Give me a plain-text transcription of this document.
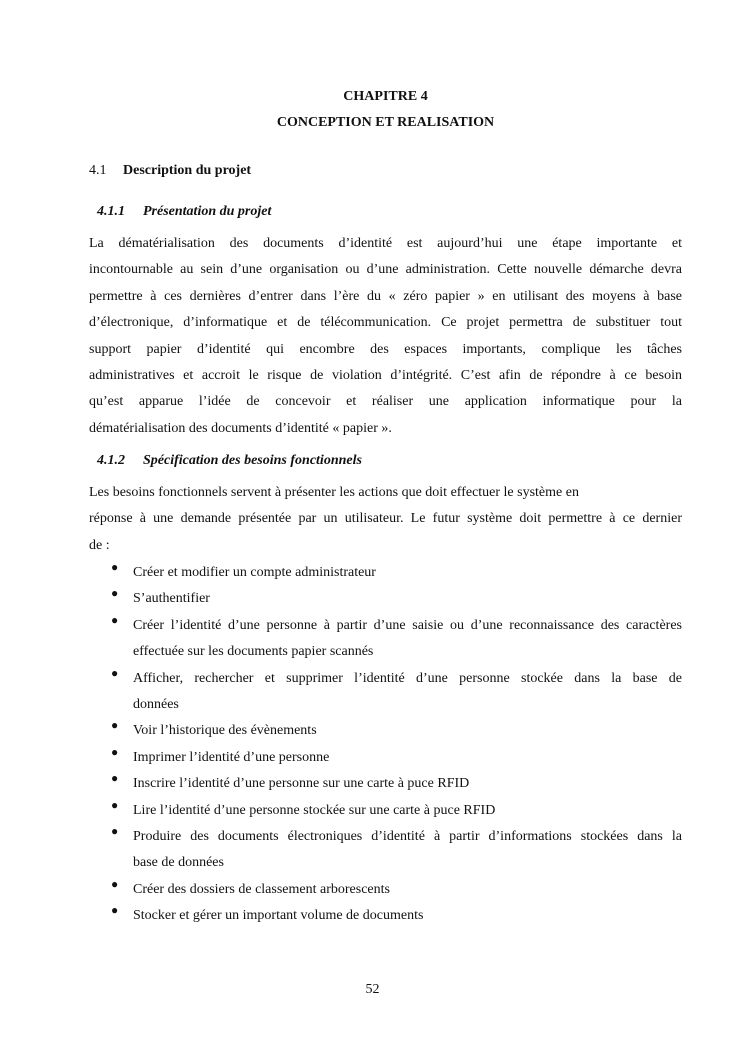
CHAPITRE 4
CONCEPTION ET REALISATION
4.1 Description du projet
4.1.1 Présentation du projet
La dématérialisation des documents d’identité est aujourd’hui une étape importante et
incontournable au sein d’une organisation ou d’une administration. Cette nouvelle démarche devra
permettre à ces dernières d’entrer dans l’ère du « zéro papier » en utilisant des moyens à base
d’électronique, d’informatique et de télécommunication. Ce projet permettra de substituer tout
support papier d’identité qui encombre des espaces importants, complique les tâches
administratives et accroit le risque de violation d’intégrité. C’est afin de répondre à ce besoin
qu’est apparue l’idée de concevoir et réaliser une application informatique pour la
dématérialisation des documents d’identité « papier ».
4.1.2 Spécification des besoins fonctionnels
Les besoins fonctionnels servent à présenter les actions que doit effectuer le système en
réponse à une demande présentée par un utilisateur. Le futur système doit permettre à ce dernier
de :
● Créer et modifier un compte administrateur
● S’authentifier
● Créer l’identité d’une personne à partir d’une saisie ou d’une reconnaissance des caractères
effectuée sur les documents papier scannés
● Afficher, rechercher et supprimer l’identité d’une personne stockée dans la base de
données
● Voir l’historique des évènements
● Imprimer l’identité d’une personne
● Inscrire l’identité d’une personne sur une carte à puce RFID
● Lire l’identité d’une personne stockée sur une carte à puce RFID
● Produire des documents électroniques d’identité à partir d’informations stockées dans la
base de données
● Créer des dossiers de classement arborescents
● Stocker et gérer un important volume de documents
52
